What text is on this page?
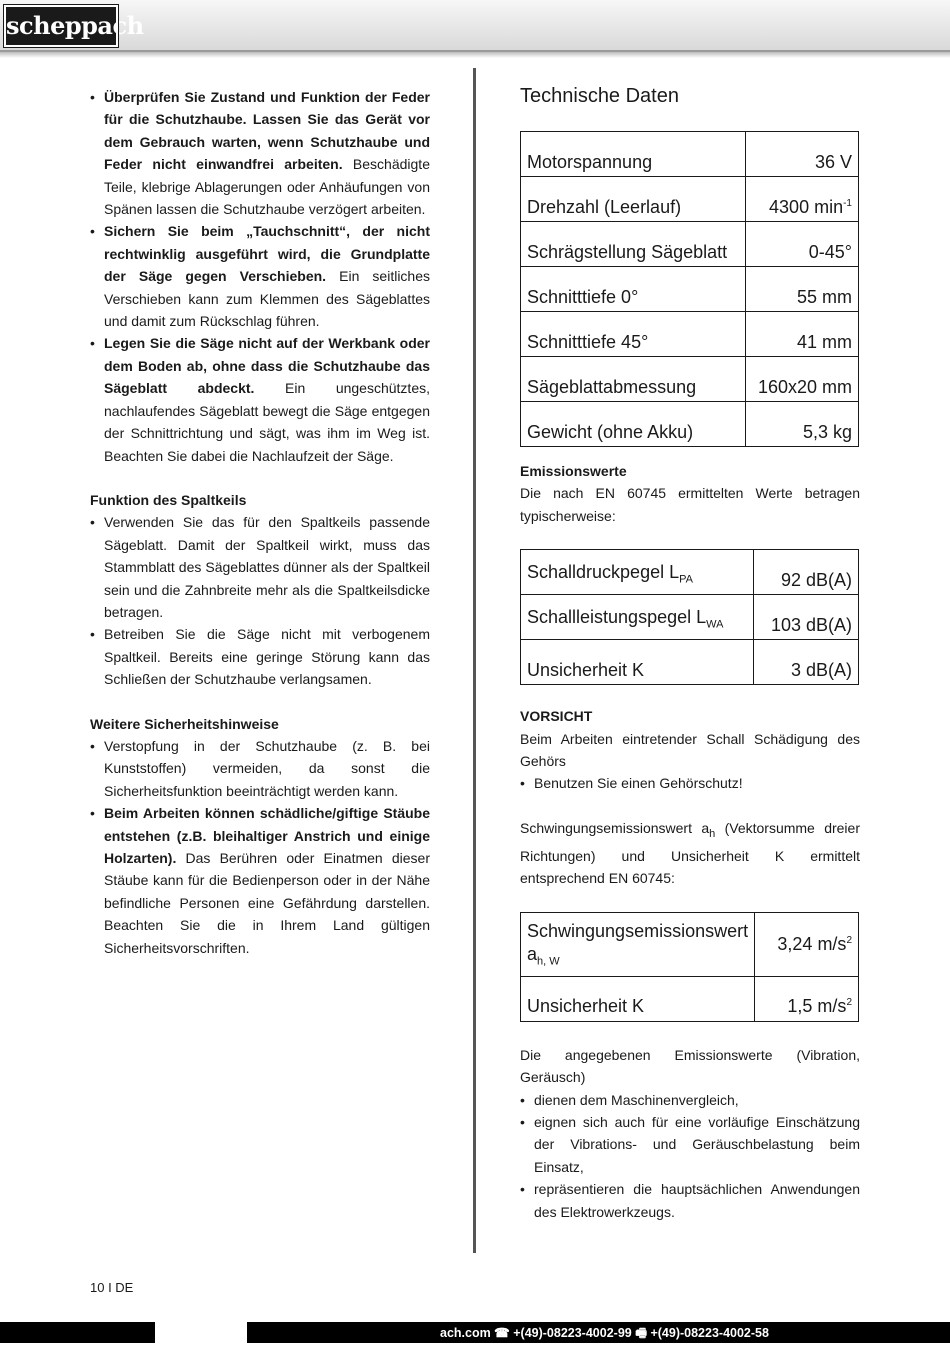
scheppach
• Überprüfen Sie Zustand und Funktion der Feder für die Schutzhaube. Lassen Sie das Gerät vor dem Gebrauch warten, wenn Schutzhaube und Feder nicht einwandfrei arbeiten. Beschädigte Teile, klebrige Ablagerungen oder Anhäufungen von Spänen lassen die Schutzhaube verzögert arbeiten.
• Sichern Sie beim „Tauchschnitt“, der nicht rechtwinklig ausgeführt wird, die Grundplatte der Säge gegen Verschieben. Ein seitliches Verschieben kann zum Klemmen des Sägeblattes und damit zum Rückschlag führen.
• Legen Sie die Säge nicht auf der Werkbank oder dem Boden ab, ohne dass die Schutzhaube das Sägeblatt abdeckt. Ein ungeschütztes, nachlaufendes Sägeblatt bewegt die Säge entgegen der Schnittrichtung und sägt, was ihm im Weg ist. Beachten Sie dabei die Nachlaufzeit der Säge.
Funktion des Spaltkeils
• Verwenden Sie das für den Spaltkeils passende Sägeblatt. Damit der Spaltkeil wirkt, muss das Stammblatt des Sägeblattes dünner als der Spaltkeil sein und die Zahnbreite mehr als die Spaltkeilsdicke betragen.
• Betreiben Sie die Säge nicht mit verbogenem Spaltkeil. Bereits eine geringe Störung kann das Schließen der Schutzhaube verlangsamen.
Weitere Sicherheitshinweise
• Verstopfung in der Schutzhaube (z. B. bei Kunststoffen) vermeiden, da sonst die Sicherheitsfunktion beeinträchtigt werden kann.
• Beim Arbeiten können schädliche/giftige Stäube entstehen (z.B. bleihaltiger Anstrich und einige Holzarten). Das Berühren oder Einatmen dieser Stäube kann für die Bedienperson oder in der Nähe befindliche Personen eine Gefährdung darstellen. Beachten Sie die in Ihrem Land gültigen Sicherheitsvorschriften.
Technische Daten
Motorspannung	36 V
Drehzahl (Leerlauf)	4300 $\min^{-1}$
Schrägstellung Sägeblatt	0-45°
Schnitttiefe 0°	55 mm
Schnitttiefe 45°	41 mm
Sägeblattabmessung	160x20 mm
Gewicht (ohne Akku)	5,3 kg
Emissionswerte
Die nach EN 60745 ermittelten Werte betragen typischerweise:
Schalldruckpegel $L_{PA}$	92 dB(A)
Schallleistungspegel $L_{WA}$	103 dB(A)
Unsicherheit K	3 dB(A)
VORSICHT
Beim Arbeiten eintretender Schall Schädigung des Gehörs
• Benutzen Sie einen Gehörschutz!
Schwingungsemissionswert $a_h$ (Vektorsumme dreier Richtungen) und Unsicherheit K ermittelt entsprechend EN 60745:
Schwingungsemissionswert $a_{h, W}$	3,24 $m/s^2$
Unsicherheit K	1,5 $m/s^2$
Die angegebenen Emissionswerte (Vibration, Geräusch)
• dienen dem Maschinenvergleich,
• eignen sich auch für eine vorläufige Einschätzung der Vibrations- und Geräuschbelastung beim Einsatz,
• repräsentieren die hauptsächlichen Anwendungen des Elektrowerkzeugs.
10 I DE
ach.com ☎ +(49)-08223-4002-99 🖷 +(49)-08223-4002-58
